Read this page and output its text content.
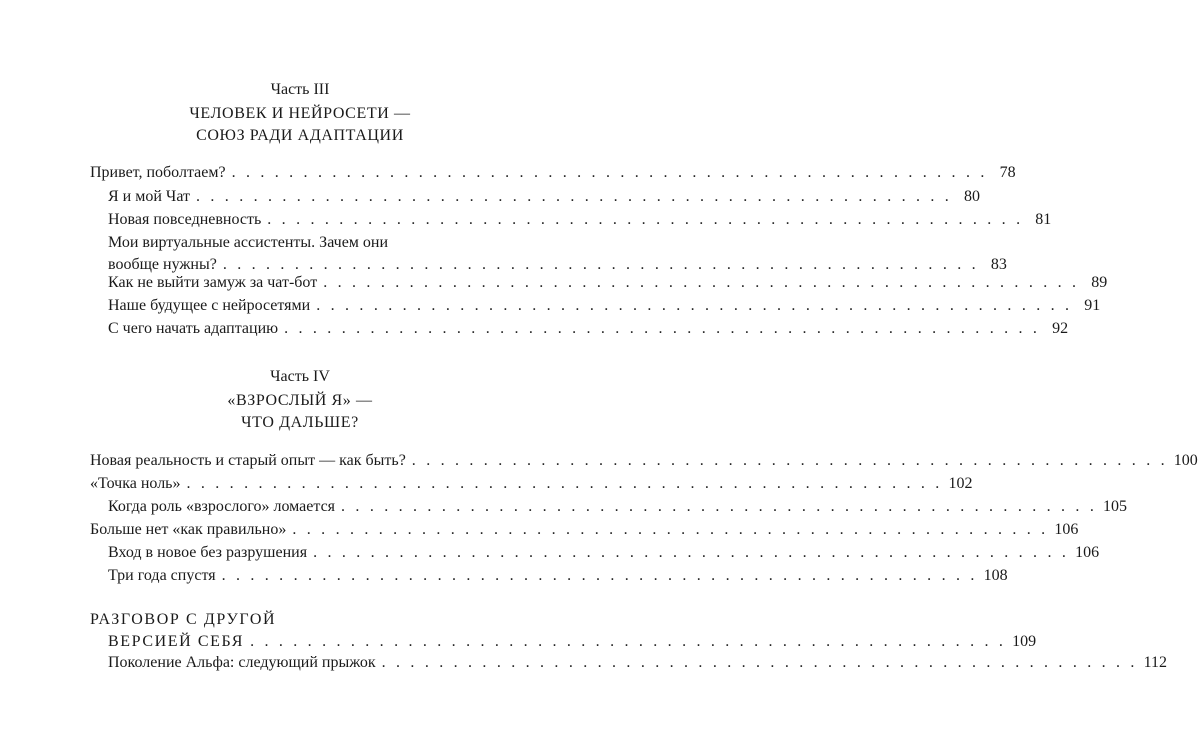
Часть III
ЧЕЛОВЕК И НЕЙРОСЕТИ —
СОЮЗ РАДИ АДАПТАЦИИ
Привет, поболтаем? . . . . . . . . . . . . . . . . . . . . . . . . . . . . . . . . . . . . . . . . . . . . . . . . . . . . . 78
Я и мой Чат . . . . . . . . . . . . . . . . . . . . . . . . . . . . . . . . . . . . . . . . . . . . . . . . . . . . . 80
Новая повседневность . . . . . . . . . . . . . . . . . . . . . . . . . . . . . . . . . . . . . . . . . . . . . . . . . . . . . 81
Мои виртуальные ассистенты. Зачем они
вообще нужны? . . . . . . . . . . . . . . . . . . . . . . . . . . . . . . . . . . . . . . . . . . . . . . . . . . . . . 83
Как не выйти замуж за чат-бот . . . . . . . . . . . . . . . . . . . . . . . . . . . . . . . . . . . . . . . . . . . . . . . . . . . . . 89
Наше будущее с нейросетями . . . . . . . . . . . . . . . . . . . . . . . . . . . . . . . . . . . . . . . . . . . . . . . . . . . . . 91
С чего начать адаптацию . . . . . . . . . . . . . . . . . . . . . . . . . . . . . . . . . . . . . . . . . . . . . . . . . . . . . 92
Часть IV
«ВЗРОСЛЫЙ Я» —
ЧТО ДАЛЬШЕ?
Новая реальность и старый опыт — как быть? . . . . . . . . . . . . . . . . . . . . . . . . . . . . . . . . . . . . . . . . . . . . . . . . . . . . . 100
«Точка ноль» . . . . . . . . . . . . . . . . . . . . . . . . . . . . . . . . . . . . . . . . . . . . . . . . . . . . . 102
Когда роль «взрослого» ломается . . . . . . . . . . . . . . . . . . . . . . . . . . . . . . . . . . . . . . . . . . . . . . . . . . . . . 105
Больше нет «как правильно» . . . . . . . . . . . . . . . . . . . . . . . . . . . . . . . . . . . . . . . . . . . . . . . . . . . . . 106
Вход в новое без разрушения . . . . . . . . . . . . . . . . . . . . . . . . . . . . . . . . . . . . . . . . . . . . . . . . . . . . . 106
Три года спустя . . . . . . . . . . . . . . . . . . . . . . . . . . . . . . . . . . . . . . . . . . . . . . . . . . . . . 108
РАЗГОВОР С ДРУГОЙ
ВЕРСИЕЙ СЕБЯ . . . . . . . . . . . . . . . . . . . . . . . . . . . . . . . . . . . . . . . . . . . . . . . . . . . . . 109
Поколение Альфа: следующий прыжок . . . . . . . . . . . . . . . . . . . . . . . . . . . . . . . . . . . . . . . . . . . . . . . . . . . . . 112
